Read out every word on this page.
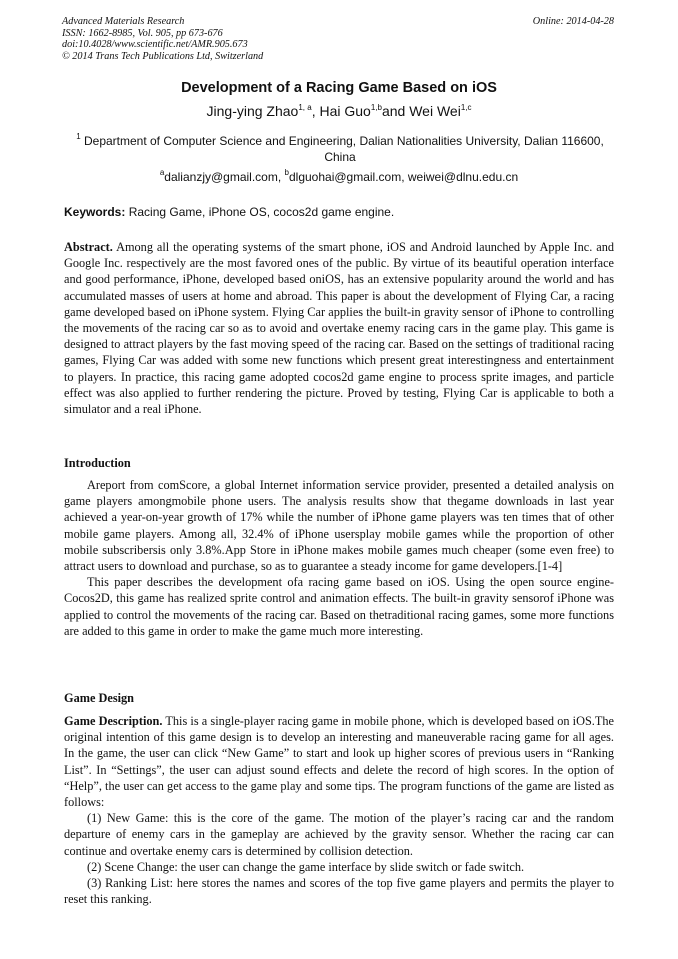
Advanced Materials Research
ISSN: 1662-8985, Vol. 905, pp 673-676
doi:10.4028/www.scientific.net/AMR.905.673
© 2014 Trans Tech Publications Ltd, Switzerland
Online: 2014-04-28
Development of a Racing Game Based on iOS
Jing-ying Zhao$^{1, a}$, Hai Guo$^{1,b}$and Wei Wei$^{1,c}$
$^1$ Department of Computer Science and Engineering, Dalian Nationalities University, Dalian 116600, China
$^a$dalianzjy@gmail.com, $^b$dlguohai@gmail.com, weiwei@dlnu.edu.cn
Keywords: Racing Game, iPhone OS, cocos2d game engine.

Abstract. Among all the operating systems of the smart phone, iOS and Android launched by Apple Inc. and Google Inc. respectively are the most favored ones of the public. By virtue of its beautiful operation interface and good performance, iPhone, developed based oniOS, has an extensive popularity around the world and has accumulated masses of users at home and abroad. This paper is about the development of Flying Car, a racing game developed based on iPhone system. Flying Car applies the built-in gravity sensor of iPhone to controlling the movements of the racing car so as to avoid and overtake enemy racing cars in the game play. This game is designed to attract players by the fast moving speed of the racing car. Based on the settings of traditional racing games, Flying Car was added with some new functions which present great interestingness and entertainment to players. In practice, this racing game adopted cocos2d game engine to process sprite images, and particle effect was also applied to further rendering the picture. Proved by testing, Flying Car is applicable to both a simulator and a real iPhone.

Introduction

Areport from comScore, a global Internet information service provider, presented a detailed analysis on game players amongmobile phone users. The analysis results show that thegame downloads in last year achieved a year-on-year growth of 17% while the number of iPhone game players was ten times that of other mobile game players. Among all, 32.4% of iPhone usersplay mobile games while the proportion of other mobile subscribersis only 3.8%.App Store in iPhone makes mobile games much cheaper (some even free) to attract users to download and purchase, so as to guarantee a steady income for game developers.[1-4]

This paper describes the development ofa racing game based on iOS. Using the open source engine-Cocos2D, this game has realized sprite control and animation effects. The built-in gravity sensorof iPhone was applied to control the movements of the racing car. Based on thetraditional racing games, some more functions are added to this game in order to make the game much more interesting.

Game Design

Game Description. This is a single-player racing game in mobile phone, which is developed based on iOS.The original intention of this game design is to develop an interesting and maneuverable racing game for all ages. In the game, the user can click “New Game” to start and look up higher scores of previous users in “Ranking List”. In “Settings”, the user can adjust sound effects and delete the record of high scores. In the option of “Help”, the user can get access to the game play and some tips. The program functions of the game are listed as follows:

(1) New Game: this is the core of the game. The motion of the player’s racing car and the random departure of enemy cars in the gameplay are achieved by the gravity sensor. Whether the racing car can continue and overtake enemy cars is determined by collision detection.

(2) Scene Change: the user can change the game interface by slide switch or fade switch.

(3) Ranking List: here stores the names and scores of the top five game players and permits the player to reset this ranking.
